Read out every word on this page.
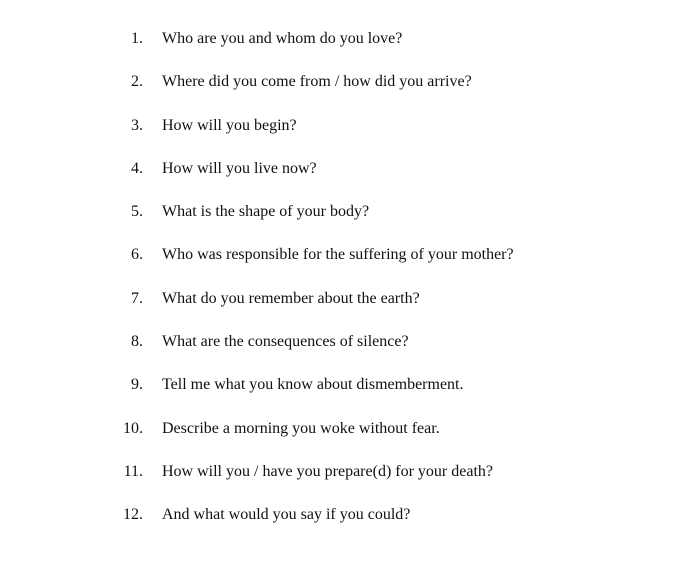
1. Who are you and whom do you love?
2. Where did you come from / how did you arrive?
3. How will you begin?
4. How will you live now?
5. What is the shape of your body?
6. Who was responsible for the suffering of your mother?
7. What do you remember about the earth?
8. What are the consequences of silence?
9. Tell me what you know about dismemberment.
10. Describe a morning you woke without fear.
11. How will you / have you prepare(d) for your death?
12. And what would you say if you could?
